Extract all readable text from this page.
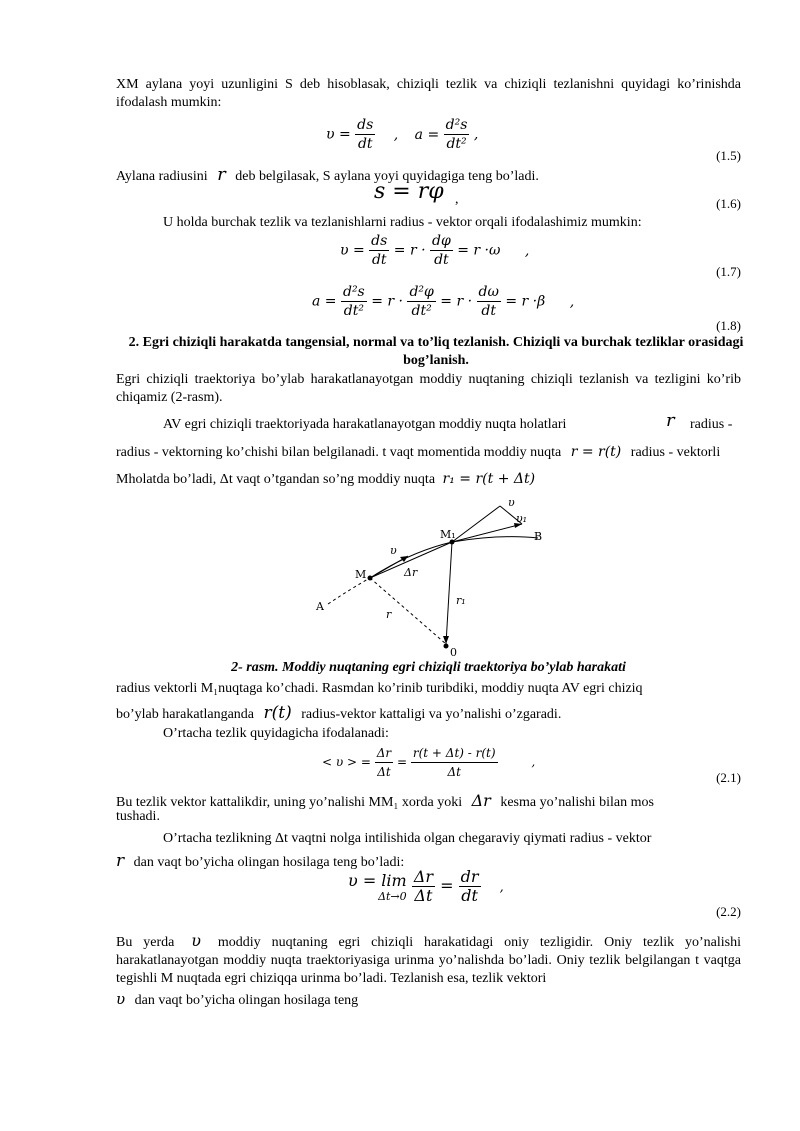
XM aylana yoyi uzunligini S deb hisoblasak, chiziqli tezlik va chiziqli tezlanishni quyidagi ko’rinishda ifodalash mumkin:
$\upsilon = \frac{ds}{dt}$ , $a = \frac{\text{d²s}}{\text{dt²}}$ ,
(1.5)
Aylana radiusini r deb belgilasak, S aylana yoyi quyidagiga teng bo’ladi.
s = rφ ,	(1.6)
U holda burchak tezlik va tezlanishlarni radius - vektor orqali ifodalashimiz mumkin:
$\upsilon = \frac{ds}{dt} = r \cdot \frac{d\varphi}{dt} = r \cdot\omega$ ,
(1.7)
$a = \frac{\text{d²s}}{\text{dt²}} = r \cdot \frac{\text{d²φ}}{\text{dt²}} = r \cdot \frac{d\omega}{dt} = r \cdot\beta$ ,
(1.8)
2. Egri chiziqli harakatda tangensial, normal va to’liq tezlanish. Chiziqli va burchak tezliklar orasidagi bog’lanish.
Egri chiziqli traektoriya bo’ylab harakatlanayotgan moddiy nuqtaning chiziqli tezlanish va tezligini ko’rib chiqamiz (2-rasm).
AV egri chiziqli traektoriyada harakatlanayotgan moddiy nuqta holatlari	r radius -
radius - vektorning ko’chishi bilan belgilanadi. t vaqt momentida moddiy nuqta r = r(t) radius - vektorli
Mholatda bo’ladi, Δt vaqt o’tgandan so’ng moddiy nuqta r₁ = r(t + Δt)
υ
υ₁
υ
M₁	B
M	Δr
A
r
r₁
0
2- rasm. Moddiy nuqtaning egri chiziqli traektoriya bo’ylab harakati
radius vektorli M₁nuqtaga ko’chadi. Rasmdan ko’rinib turibdiki, moddiy nuqta AV egri chiziq
bo’ylab harakatlanganda r(t) radius-vektor kattaligi va yo’nalishi o’zgaradi.
O’rtacha tezlik quyidagicha ifodalanadi:
< υ > = $\frac{\Delta r}{\Delta t} = \frac{r(t + \Delta t) - r(t)}{\Delta t}$	,
(2.1)
Bu tezlik vektor kattalikdir, uning yo’nalishi MM₁ xorda yoki Δr kesma yo’nalishi bilan mos
tushadi.
O’rtacha tezlikning Δt vaqtni nolga intilishida olgan chegaraviy qiymati radius - vektor
r dan vaqt bo’yicha olingan hosilaga teng bo’ladi:
υ = lim
Δt→0
$\frac{\Delta r}{\Delta t} = \frac{dr}{dt}$ ,
(2.2)
Bu yerda υ moddiy nuqtaning egri chiziqli harakatidagi oniy tezligidir. Oniy tezlik yo’nalishi harakatlanayotgan moddiy nuqta traektoriyasiga urinma yo’nalishda bo’ladi. Oniy tezlik belgilangan t vaqtga tegishli M nuqtada egri chiziqqa urinma bo’ladi. Tezlanish esa, tezlik vektori
υ dan vaqt bo’yicha olingan hosilaga teng
